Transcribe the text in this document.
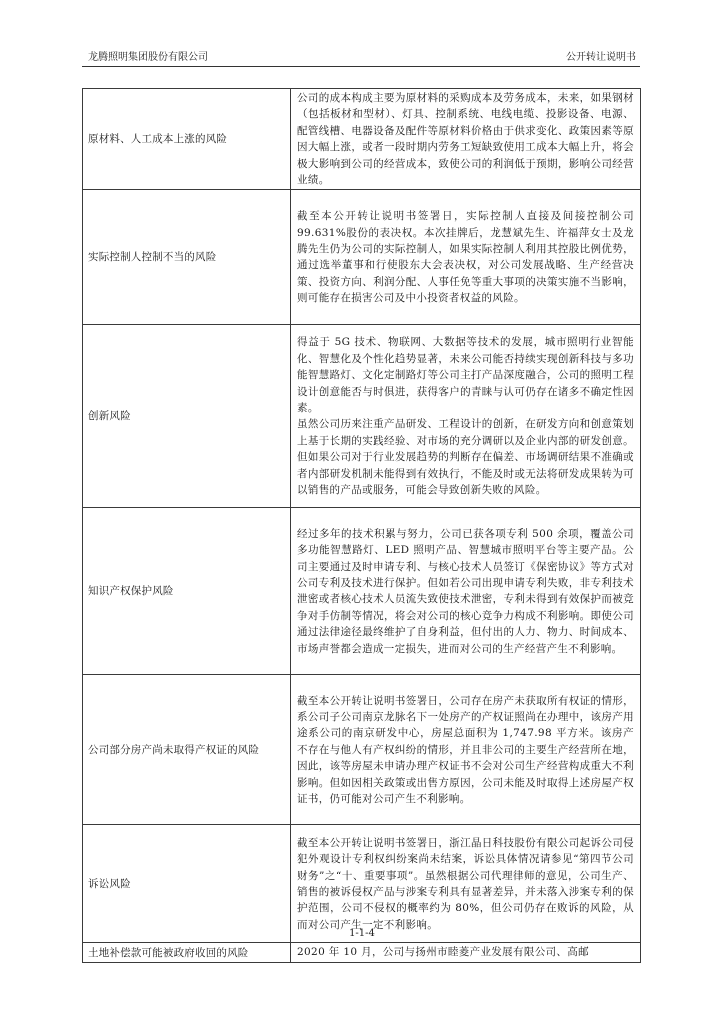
龙腾照明集团股份有限公司	公开转让说明书
原材料、人工成本上涨的风险	公司的成本构成主要为原材料的采购成本及劳务成本，未来，如果钢材（包括板材和型材）、灯具、控制系统、电线电缆、投影设备、电源、配管线槽、电器设备及配件等原材料价格由于供求变化、政策因素等原因大幅上涨，或者一段时期内劳务工短缺致使用工成本大幅上升，将会极大影响到公司的经营成本，致使公司的利润低于预期，影响公司经营业绩。

实际控制人控制不当的风险	截至本公开转让说明书签署日，实际控制人直接及间接控制公司 99.631%股份的表决权。本次挂牌后，龙慧斌先生、许福萍女士及龙腾先生仍为公司的实际控制人，如果实际控制人利用其控股比例优势，通过选举董事和行使股东大会表决权，对公司发展战略、生产经营决策、投资方向、利润分配、人事任免等重大事项的决策实施不当影响，则可能存在损害公司及中小投资者权益的风险。

创新风险	得益于 5G 技术、物联网、大数据等技术的发展，城市照明行业智能化、智慧化及个性化趋势显著，未来公司能否持续实现创新科技与多功能智慧路灯、文化定制路灯等公司主打产品深度融合，公司的照明工程设计创意能否与时俱进，获得客户的青睐与认可仍存在诸多不确定性因素。

虽然公司历来注重产品研发、工程设计的创新，在研发方向和创意策划上基于长期的实践经验、对市场的充分调研以及企业内部的研发创意。但如果公司对于行业发展趋势的判断存在偏差、市场调研结果不准确或者内部研发机制未能得到有效执行，不能及时或无法将研发成果转为可以销售的产品或服务，可能会导致创新失败的风险。

知识产权保护风险	经过多年的技术积累与努力，公司已获各项专利 500 余项，覆盖公司多功能智慧路灯、LED 照明产品、智慧城市照明平台等主要产品。公司主要通过及时申请专利、与核心技术人员签订《保密协议》等方式对公司专利及技术进行保护。但如若公司出现申请专利失败，非专利技术泄密或者核心技术人员流失致使技术泄密，专利未得到有效保护而被竞争对手仿制等情况，将会对公司的核心竞争力构成不利影响。即使公司通过法律途径最终维护了自身利益，但付出的人力、物力、时间成本、市场声誉都会造成一定损失，进而对公司的生产经营产生不利影响。

公司部分房产尚未取得产权证的风险	截至本公开转让说明书签署日，公司存在房产未获取所有权证的情形，系公司子公司南京龙脉名下一处房产的产权证照尚在办理中，该房产用途系公司的南京研发中心，房屋总面积为 1,747.98 平方米。该房产不存在与他人有产权纠纷的情形，并且非公司的主要生产经营所在地，因此，该等房屋未申请办理产权证书不会对公司生产经营构成重大不利影响。但如因相关政策或出售方原因，公司未能及时取得上述房屋产权证书，仍可能对公司产生不利影响。

诉讼风险	截至本公开转让说明书签署日，浙江晶日科技股份有限公司起诉公司侵犯外观设计专利权纠纷案尚未结案，诉讼具体情况请参见“第四节公司财务”之“十、重要事项”。虽然根据公司代理律师的意见，公司生产、销售的被诉侵权产品与涉案专利具有显著差异，并未落入涉案专利的保护范围，公司不侵权的概率约为 80%，但公司仍存在败诉的风险，从而对公司产生一定不利影响。

土地补偿款可能被政府收回的风险	2020 年 10 月，公司与扬州市睦菱产业发展有限公司、高邮

1-1-4
